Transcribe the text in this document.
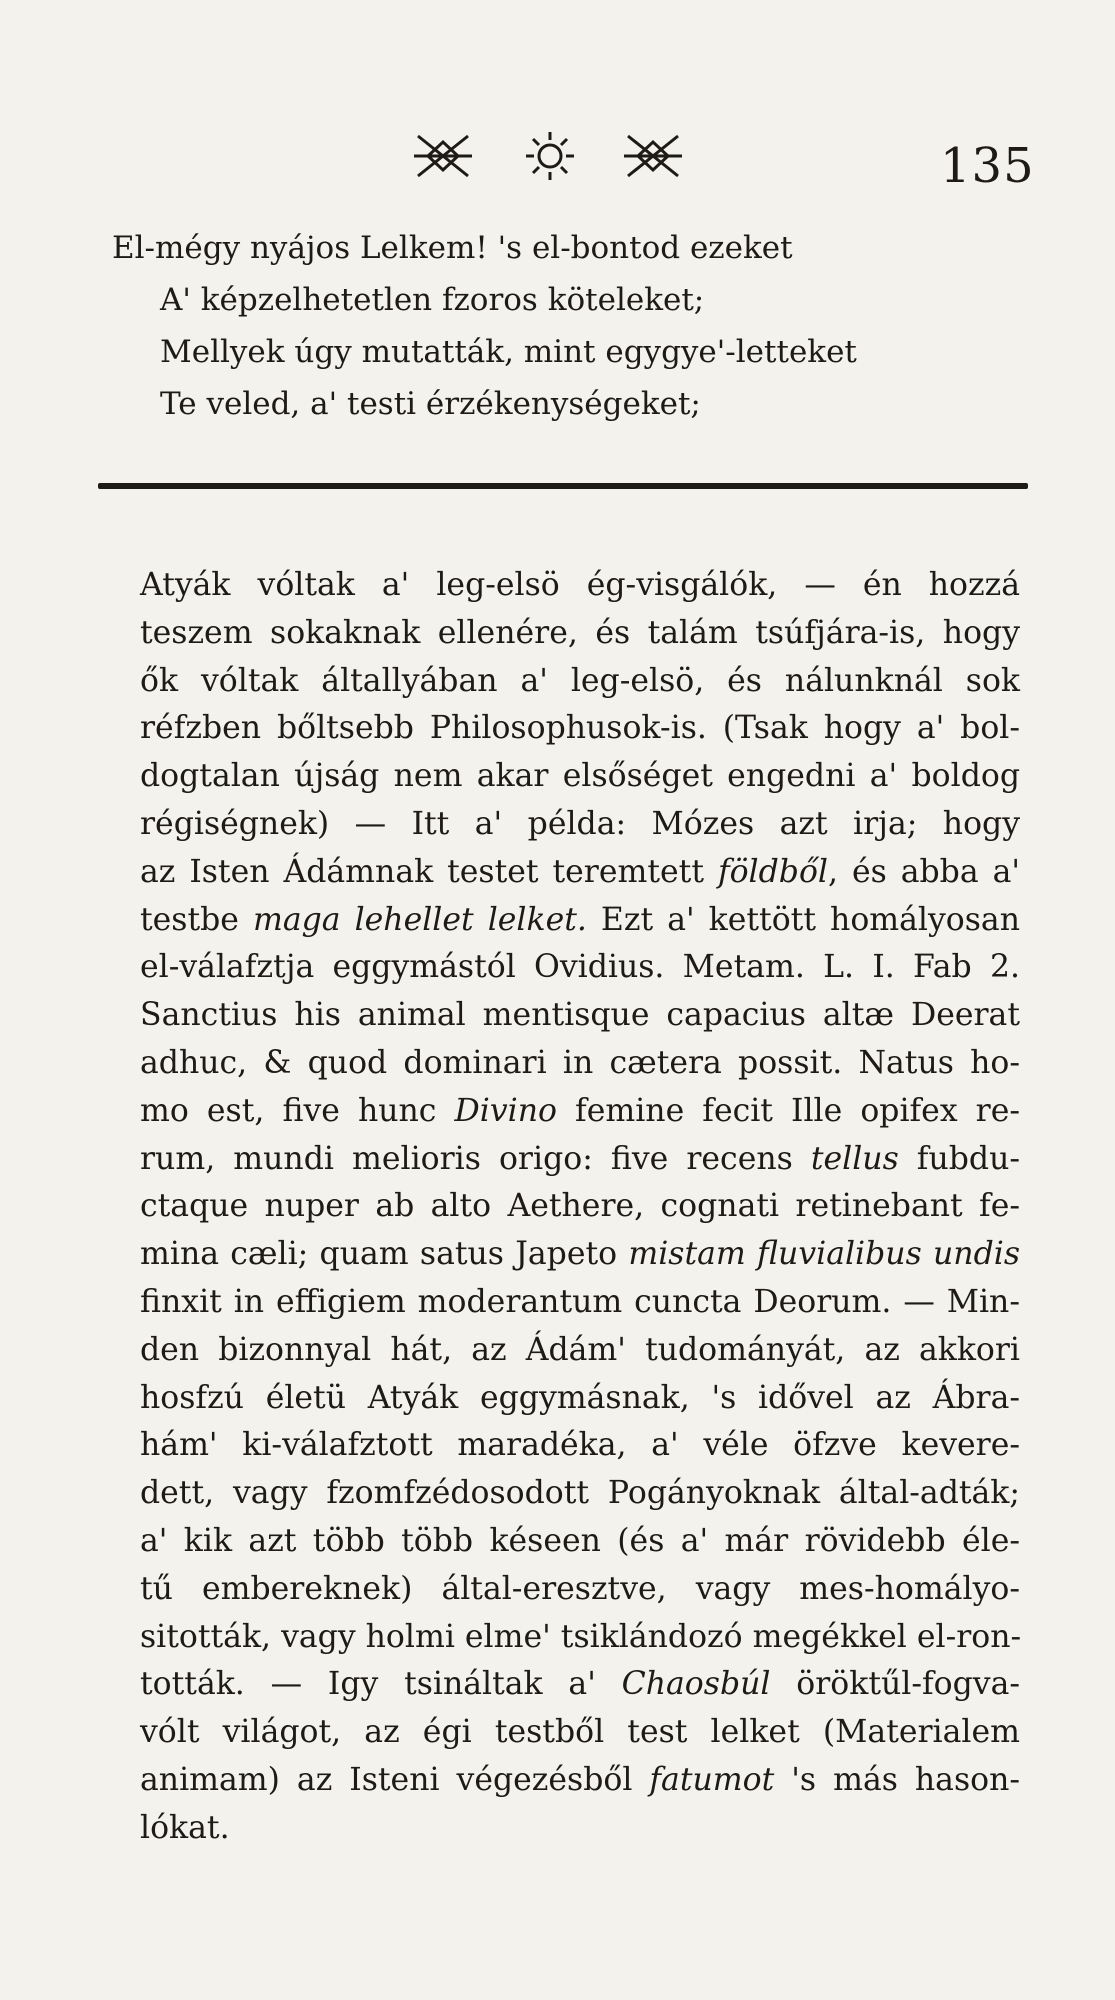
135
El-mégy nyájos Lelkem! 's el-bontod ezeket
A' képzelhetetlen fzoros köteleket;
Mellyek úgy mutatták, mint egygye'-letteket
Te veled, a' testi érzékenységeket;
Atyák vóltak a' leg-elsö ég-visgálók, — én hozzá
teszem sokaknak ellenére, és talám tsúfjára-is, hogy
ők vóltak általlyában a' leg-elsö, és nálunknál sok
réfzben bőltsebb Philosophusok-is. (Tsak hogy a' bol-
dogtalan újság nem akar elsőséget engedni a' boldog
régiségnek) — Itt a' példa: Mózes azt irja; hogy
az Isten Ádámnak testet teremtett földből, és abba a'
testbe maga lehellet lelket. Ezt a' kettött homályosan
el-válafztja eggymástól Ovidius. Metam. L. I. Fab 2.
Sanctius his animal mentisque capacius altæ Deerat
adhuc, & quod dominari in cætera possit. Natus ho-
mo est, five hunc Divino femine fecit Ille opifex re-
rum, mundi melioris origo: five recens tellus fubdu-
ctaque nuper ab alto Aethere, cognati retinebant fe-
mina cæli; quam satus Japeto mistam fluvialibus undis
finxit in effigiem moderantum cuncta Deorum. — Min-
den bizonnyal hát, az Ádám' tudományát, az akkori
hosfzú életü Atyák eggymásnak, 's idővel az Ábra-
hám' ki-válafztott maradéka, a' véle öfzve kevere-
dett, vagy fzomfzédosodott Pogányoknak által-adták;
a' kik azt több több késeen (és a' már rövidebb éle-
tű embereknek) által-eresztve, vagy mes-homályo-
sitották, vagy holmi elme' tsiklándozó megékkel el-ron-
tották. — Igy tsináltak a' Chaosbúl öröktűl-fogva-
vólt világot, az égi testből test lelket (Materialem
animam) az Isteni végezésből fatumot 's más hason-
lókat.
